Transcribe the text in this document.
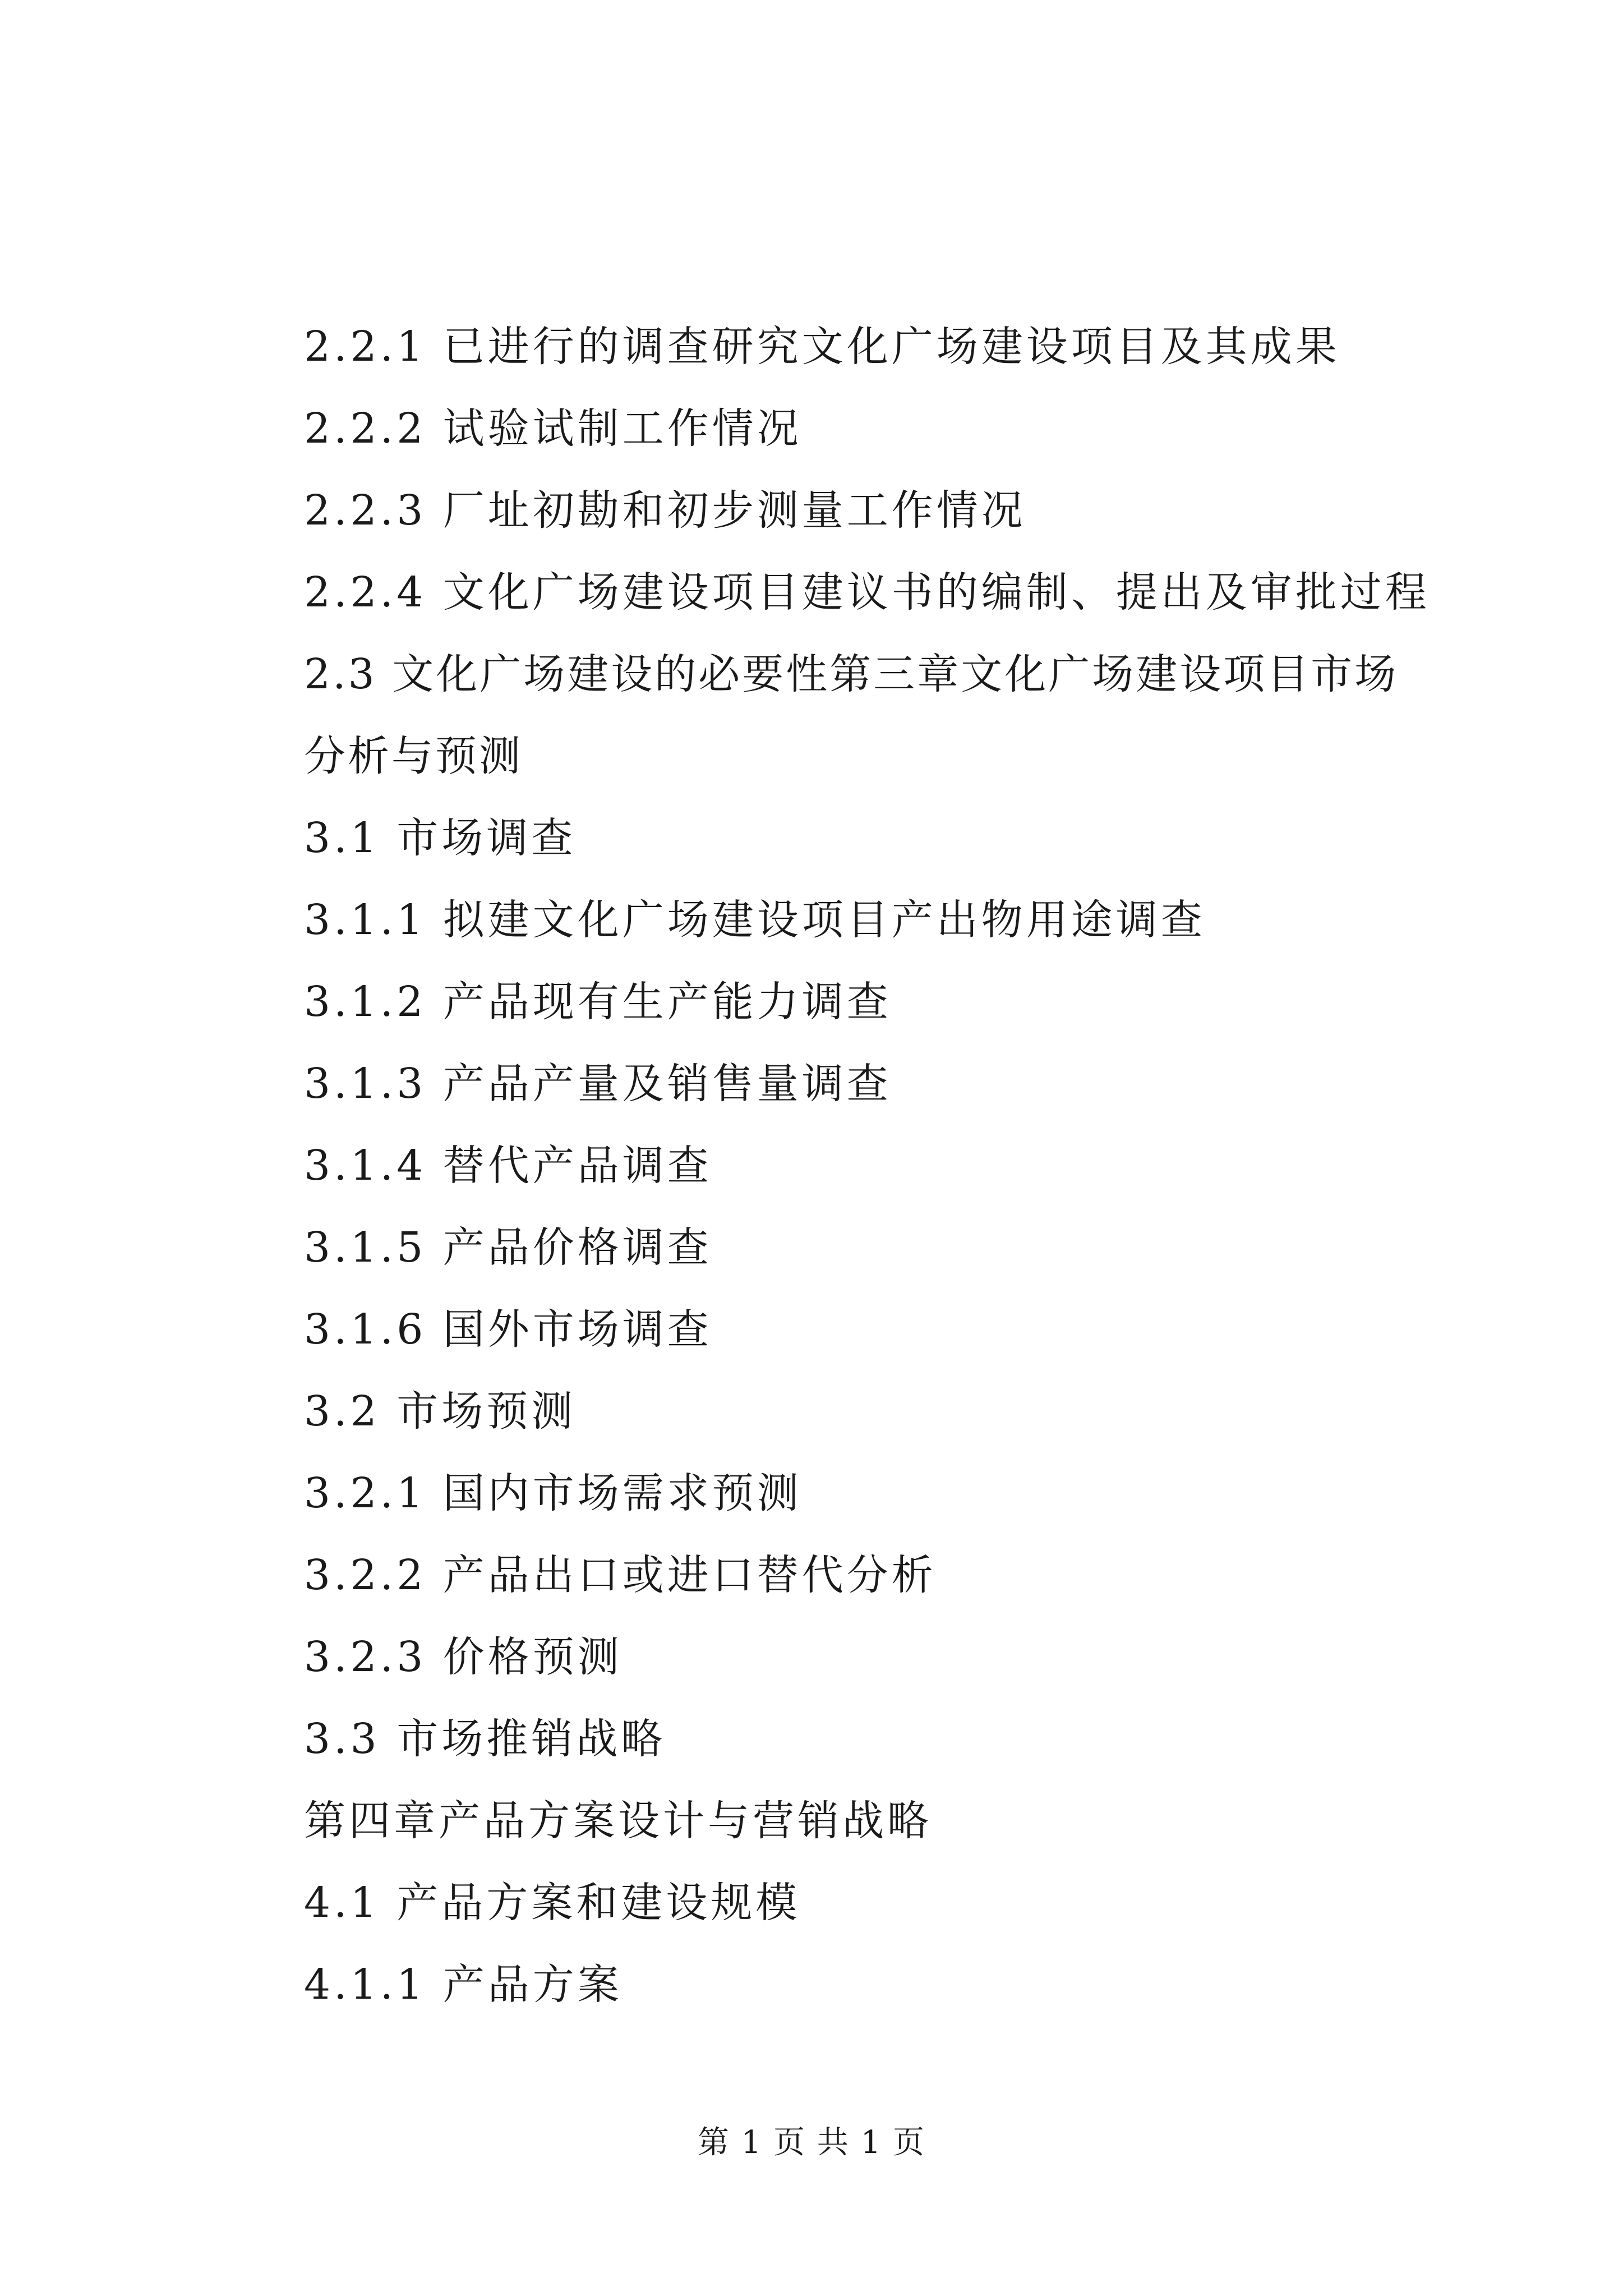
2.2.1 已进行的调查研究文化广场建设项目及其成果

2.2.2 试验试制工作情况

2.2.3 厂址初勘和初步测量工作情况

2.2.4 文化广场建设项目建议书的编制、提出及审批过程

2.3 文化广场建设的必要性第三章文化广场建设项目市场分析与预测

3.1 市场调查

3.1.1 拟建文化广场建设项目产出物用途调查

3.1.2 产品现有生产能力调查

3.1.3 产品产量及销售量调查

3.1.4 替代产品调查

3.1.5 产品价格调查

3.1.6 国外市场调查

3.2 市场预测

3.2.1 国内市场需求预测

3.2.2 产品出口或进口替代分析

3.2.3 价格预测

3.3 市场推销战略

第四章产品方案设计与营销战略

4.1 产品方案和建设规模

4.1.1 产品方案

第 1 页 共 1 页
